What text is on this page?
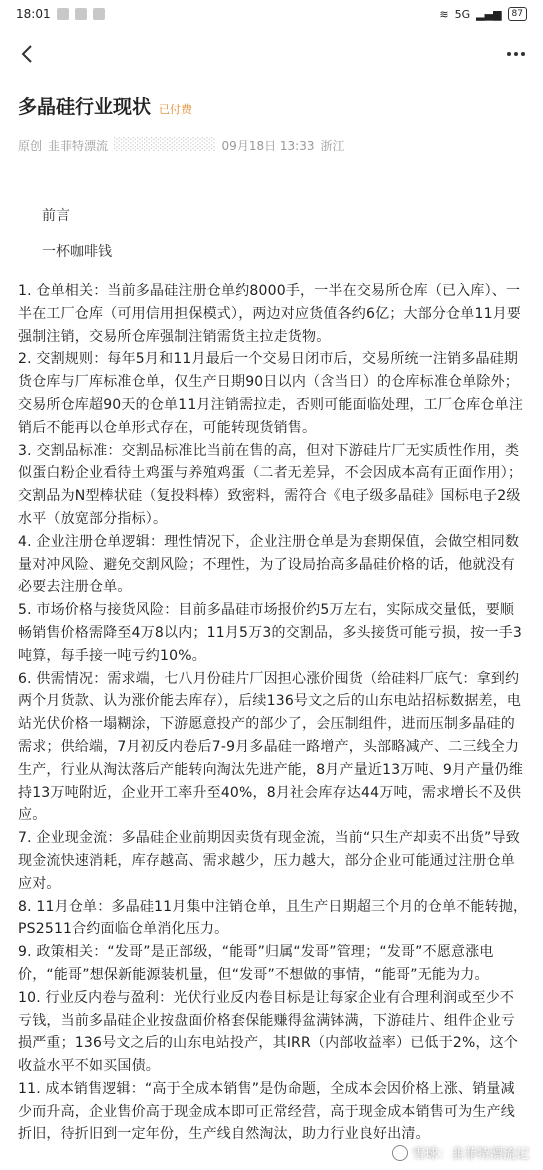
18:01	≋ 5G ▂▄▆	87
多晶硅行业现状 已付费
原创 韭菲特漂流 ░░░░░░░░░░░ 09月18日 13:33 浙江
前言
一杯咖啡钱

1. 仓单相关：当前多晶硅注册仓单约8000手，一半在交易所仓库（已入库）、一半在工厂仓库（可用信用担保模式），两边对应货值各约6亿；大部分仓单11月要强制注销，交易所仓库强制注销需货主拉走货物。

2. 交割规则：每年5月和11月最后一个交易日闭市后，交易所统一注销多晶硅期货仓库与厂库标准仓单，仅生产日期90日以内（含当日）的仓库标准仓单除外；交易所仓库超90天的仓单11月注销需拉走，否则可能面临处理，工厂仓库仓单注销后不能再以仓单形式存在，可能转现货销售。

3. 交割品标准：交割品标准比当前在售的高，但对下游硅片厂无实质性作用，类似蛋白粉企业看待土鸡蛋与养殖鸡蛋（二者无差异，不会因成本高有正面作用）；交割品为N型棒状硅（复投料棒）致密料，需符合《电子级多晶硅》国标电子2级水平（放宽部分指标）。

4. 企业注册仓单逻辑：理性情况下，企业注册仓单是为套期保值，会做空相同数量对冲风险、避免交割风险；不理性，为了设局抬高多晶硅价格的话，他就没有必要去注册仓单。

5. 市场价格与接货风险：目前多晶硅市场报价约5万左右，实际成交量低，要顺畅销售价格需降至4万8以内；11月5万3的交割品，多头接货可能亏损，按一手3吨算，每手接一吨亏约10%。

6. 供需情况：需求端，七八月份硅片厂因担心涨价囤货（给硅料厂底气：拿到约两个月货款、认为涨价能去库存），后续136号文之后的山东电站招标数据差，电站光伏价格一塌糊涂，下游愿意投产的部少了，会压制组件，进而压制多晶硅的需求；供给端，7月初反内卷后7-9月多晶硅一路增产，头部略减产、二三线全力生产，行业从淘汰落后产能转向淘汰先进产能，8月产量近13万吨、9月产量仍维持13万吨附近，企业开工率升至40%，8月社会库存达44万吨，需求增长不及供应。

7. 企业现金流：多晶硅企业前期因卖货有现金流，当前“只生产却卖不出货”导致现金流快速消耗，库存越高、需求越少，压力越大，部分企业可能通过注册仓单应对。

8. 11月仓单：多晶硅11月集中注销仓单，且生产日期超三个月的仓单不能转抛，PS2511合约面临仓单消化压力。

9. 政策相关：“发哥”是正部级，“能哥”归属“发哥”管理；“发哥”不愿意涨电价，“能哥”想保新能源装机量，但“发哥”不想做的事情，“能哥”无能为力。

10. 行业反内卷与盈利：光伏行业反内卷目标是让每家企业有合理利润或至少不亏钱，当前多晶硅企业按盘面价格套保能赚得盆满钵满，下游硅片、组件企业亏损严重；136号文之后的山东电站投产，其IRR（内部收益率）已低于2%，这个收益水平不如买国债。

11. 成本销售逻辑：“高于全成本销售”是伪命题，全成本会因价格上涨、销量减少而升高，企业售价高于现金成本即可正常经营，高于现金成本销售可为生产线折旧，待折旧到一定年份，生产线自然淘汰，助力行业良好出清。

雪球：韭菲特漂流记
